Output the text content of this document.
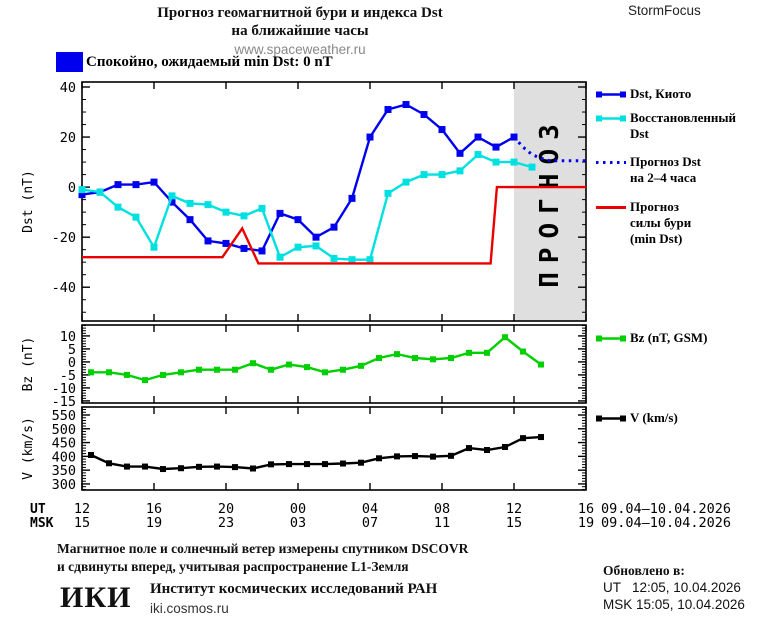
ПРОГНОЗ
40
20
0
-20
-40
Dst (nT)
10
5
0
-5
-10
-15
Bz (nT)
550
500
450
400
350
300
V (km/s)
UT
MSK
12
15
16
19
20
23
00
03
04
07
08
11
12
15
16
19
09.04–10.04.2026
09.04–10.04.2026
Прогноз геомагнитной бури и индекса Dst
на ближайшие часы
www.spaceweather.ru
StormFocus
Спокойно, ожидаемый min Dst: 0 nT
Dst, Киото
Восстановленный
Dst
Прогноз Dst
на 2–4 часа
Прогноз
силы бури
(min Dst)
Bz (nT, GSM)
V (km/s)
Магнитное поле и солнечный ветер измерены спутником DSCOVR
и сдвинуты вперед, учитывая распространение L1-Земля
ИКИ Институт космических исследований РАН
iki.cosmos.ru
Обновлено в:
UT   12:05, 10.04.2026
MSK 15:05, 10.04.2026
